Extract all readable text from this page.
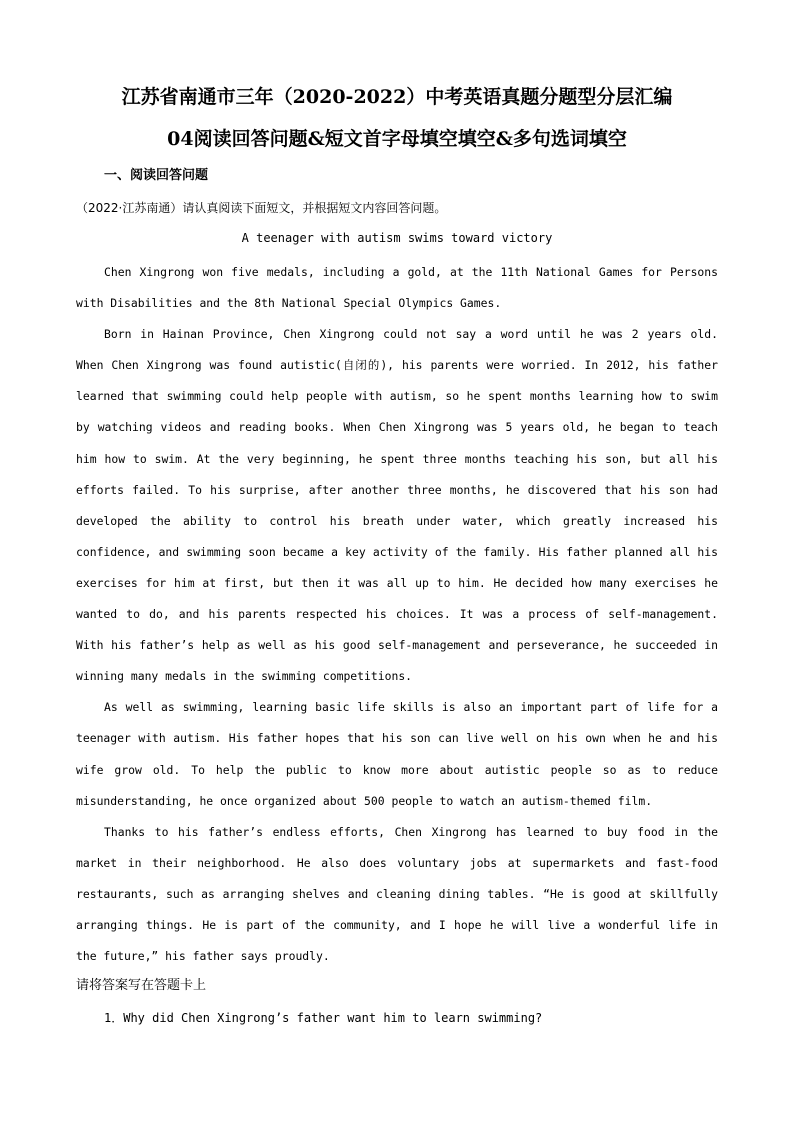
江苏省南通市三年（2020-2022）中考英语真题分题型分层汇编
04阅读回答问题&短文首字母填空填空&多句选词填空
一、阅读回答问题
（2022·江苏南通）请认真阅读下面短文，并根据短文内容回答问题。
A teenager with autism swims toward victory

Chen Xingrong won five medals, including a gold, at the 11th National Games for Persons with Disabilities and the 8th National Special Olympics Games.

Born in Hainan Province, Chen Xingrong could not say a word until he was 2 years old. When Chen Xingrong was found autistic(自闭的), his parents were worried. In 2012, his father learned that swimming could help people with autism, so he spent months learning how to swim by watching videos and reading books. When Chen Xingrong was 5 years old, he began to teach him how to swim. At the very beginning, he spent three months teaching his son, but all his efforts failed. To his surprise, after another three months, he discovered that his son had developed the ability to control his breath under water, which greatly increased his confidence, and swimming soon became a key activity of the family. His father planned all his exercises for him at first, but then it was all up to him. He decided how many exercises he wanted to do, and his parents respected his choices. It was a process of self-management. With his father’s help as well as his good self-management and perseverance, he succeeded in winning many medals in the swimming competitions.

As well as swimming, learning basic life skills is also an important part of life for a teenager with autism. His father hopes that his son can live well on his own when he and his wife grow old. To help the public to know more about autistic people so as to reduce misunderstanding, he once organized about 500 people to watch an autism-themed film.

Thanks to his father’s endless efforts, Chen Xingrong has learned to buy food in the market in their neighborhood. He also does voluntary jobs at supermarkets and fast-food restaurants, such as arranging shelves and cleaning dining tables. “He is good at skillfully arranging things. He is part of the community, and I hope he will live a wonderful life in the future,” his father says proudly.

请将答案写在答题卡上
1．Why did Chen Xingrong’s father want him to learn swimming?
